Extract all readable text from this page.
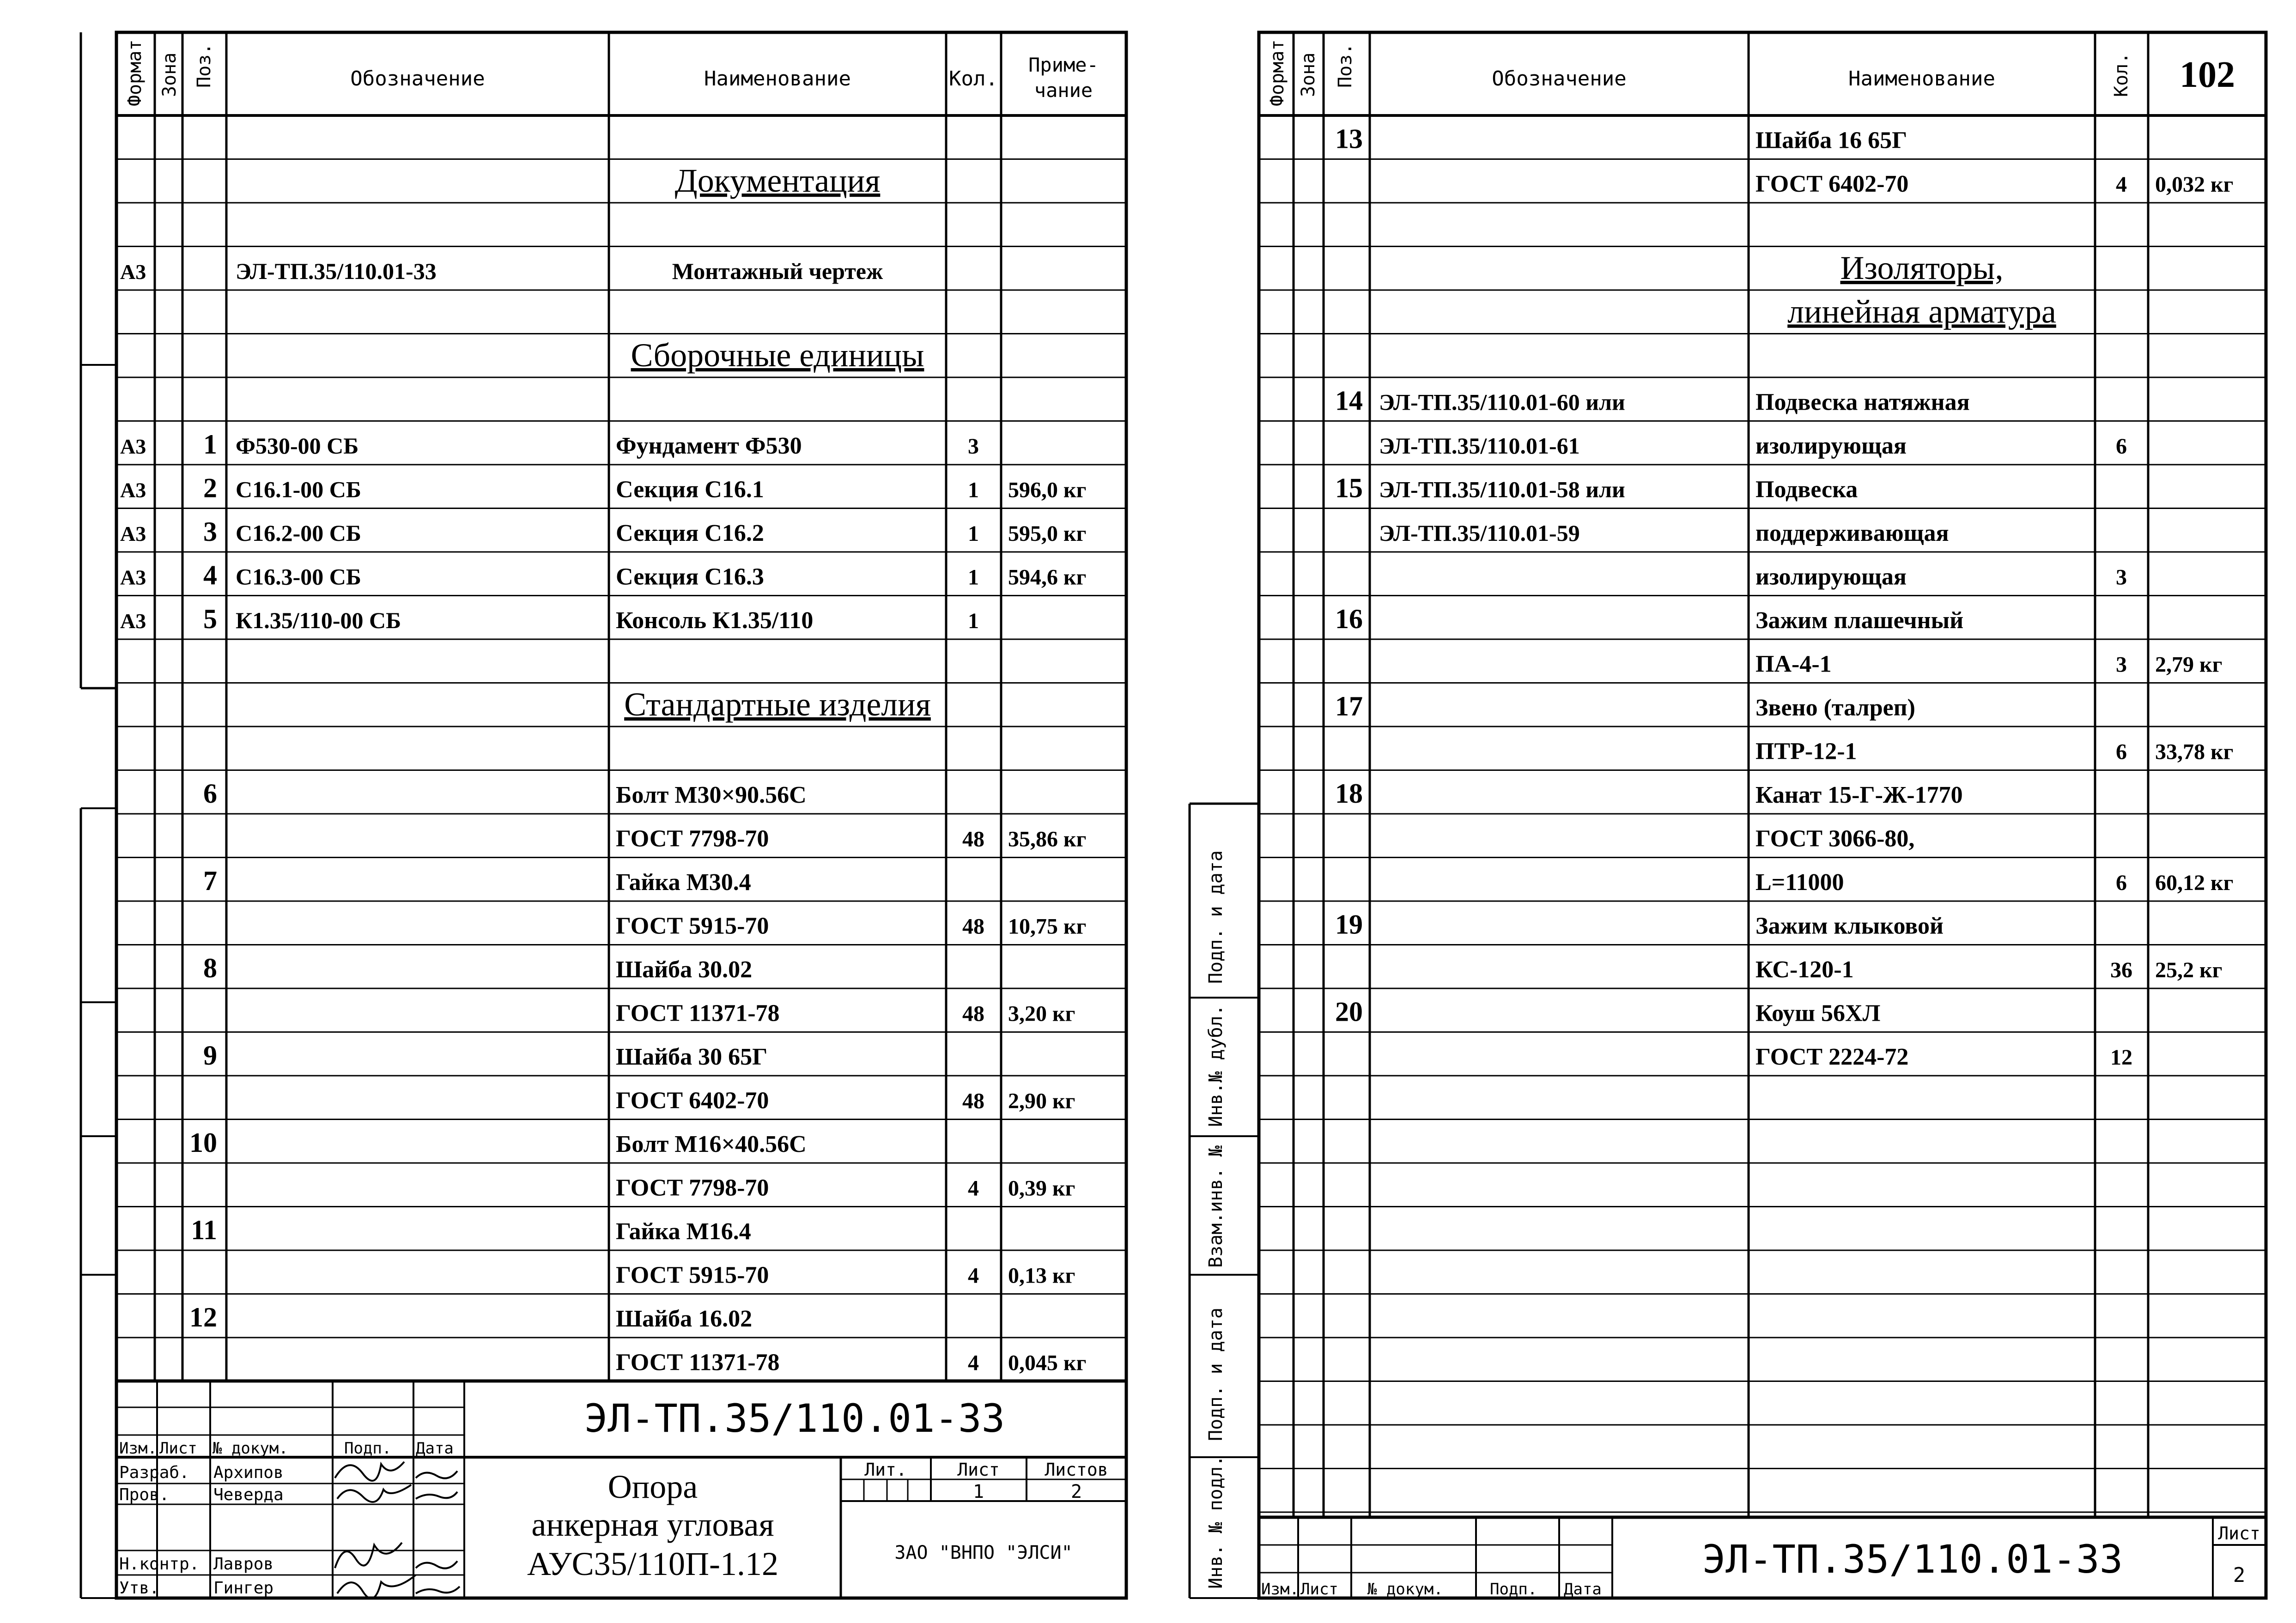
Формат Зона Поз.	Обозначение	Наименование	Кол.
Приме-
чание
Документация
А3	ЭЛ-ТП.35/110.01-33	Монтажный чертеж
Сборочные единицы
А3 1 Ф530-00 СБ	Фундамент Ф530	3
А3 2 С16.1-00 СБ	Секция С16.1	1 596,0 кг
А3 3 С16.2-00 СБ	Секция С16.2	1 595,0 кг
А3 4 С16.3-00 СБ	Секция С16.3	1 594,6 кг
А3 5 К1.35/110-00 СБ	Консоль К1.35/110	1
Стандартные изделия
6	Болт М30×90.56С
ГОСТ 7798-70	48 35,86 кг
7	Гайка М30.4
ГОСТ 5915-70	48 10,75 кг
8	Шайба 30.02
ГОСТ 11371-78	48 3,20 кг
9	Шайба 30 65Г
ГОСТ 6402-70	48 2,90 кг
10	Болт М16×40.56С
ГОСТ 7798-70	4 0,39 кг
11	Гайка М16.4
ГОСТ 5915-70	4 0,13 кг
12	Шайба 16.02
ГОСТ 11371-78	4 0,045 кг
ЭЛ-ТП.35/110.01-33
Изм. Лист № докум.	Подп. Дата
Разраб.
Пров.
Н.контр.
Утв.
Архипов
Чеверда
Лавров
Гингер
Опора
анкерная угловая
АУС35/110П-1.12
Лит.	Лист	Листов
1	2
ЗАО "ВНПО "ЭЛСИ"
Формат Зона Поз.	Обозначение	Наименование	Кол. 102
13	Шайба 16 65Г
ГОСТ 6402-70	4 0,032 кг
Изоляторы,
линейная арматура
14 ЭЛ-ТП.35/110.01-60 или	Подвеска натяжная
ЭЛ-ТП.35/110.01-61	изолирующая	6
15 ЭЛ-ТП.35/110.01-58 или	Подвеска
ЭЛ-ТП.35/110.01-59	поддерживающая
изолирующая	3
16	Зажим плашечный
ПА-4-1	3 2,79 кг
17	Звено (талреп)
ПТР-12-1	6 33,78 кг
18	Канат 15-Г-Ж-1770
ГОСТ 3066-80,
L=11000	6 60,12 кг
19	Зажим клыковой
КС-120-1	36 25,2 кг
20	Коуш 56ХЛ
ГОСТ 2224-72	12
Подп. и дата
Инв.№ дубл.
Взам.инв. №
Подп. и дата
Инв. № подл.	ЭЛ-ТП.35/110.01-33
Изм. Лист № докум.	Подп. Дата
Лист
2
